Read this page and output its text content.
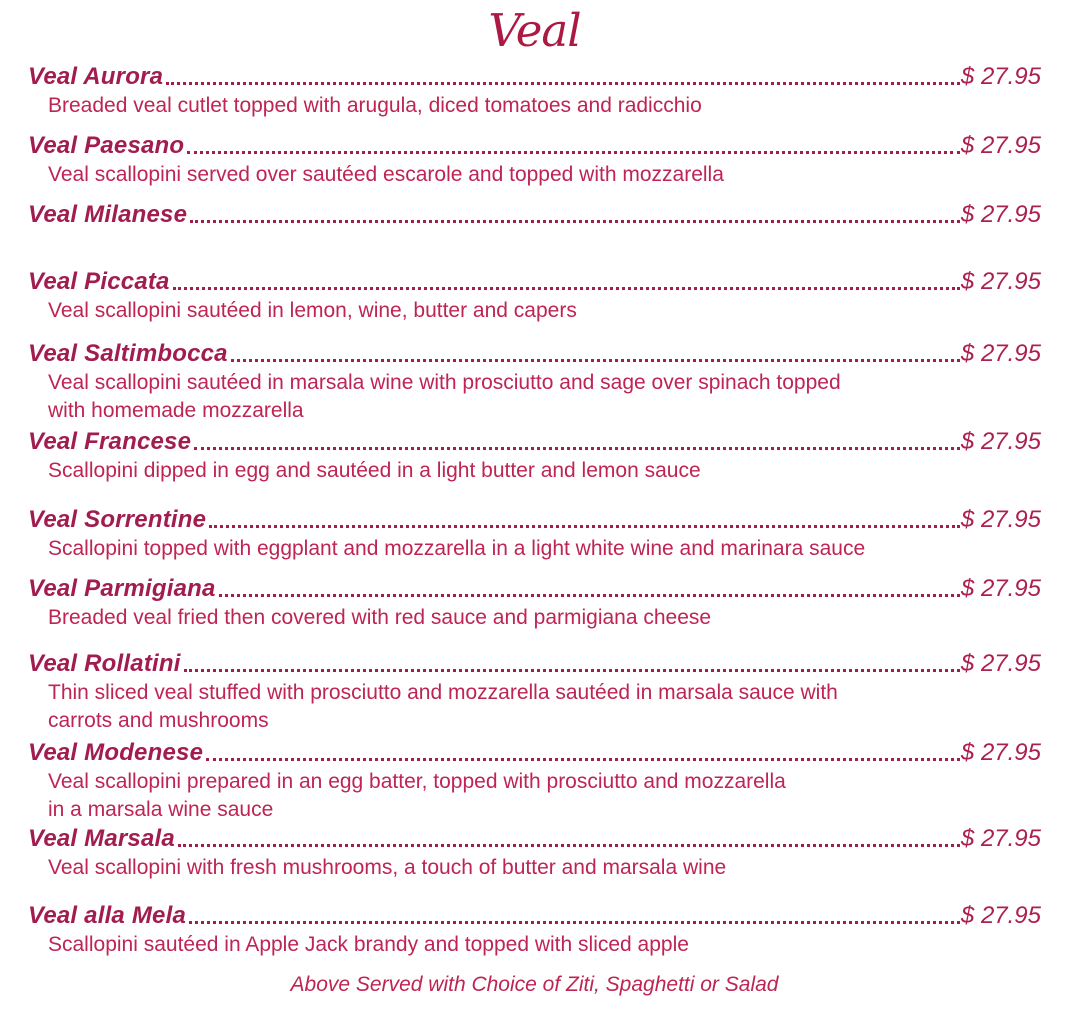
Veal
Veal Aurora	$ 27.95
Breaded veal cutlet topped with arugula, diced tomatoes and radicchio
Veal Paesano	$ 27.95
Veal scallopini served over sautéed escarole and topped with mozzarella
Veal Milanese	$ 27.95
Veal Piccata	$ 27.95
Veal scallopini sautéed in lemon, wine, butter and capers
Veal Saltimbocca	$ 27.95
Veal scallopini sautéed in marsala wine with prosciutto and sage over spinach topped
with homemade mozzarella
Veal Francese	$ 27.95
Scallopini dipped in egg and sautéed in a light butter and lemon sauce
Veal Sorrentine	$ 27.95
Scallopini topped with eggplant and mozzarella in a light white wine and marinara sauce
Veal Parmigiana	$ 27.95
Breaded veal fried then covered with red sauce and parmigiana cheese
Veal Rollatini	$ 27.95
Thin sliced veal stuffed with prosciutto and mozzarella sautéed in marsala sauce with
carrots and mushrooms
Veal Modenese	$ 27.95
Veal scallopini prepared in an egg batter, topped with prosciutto and mozzarella
in a marsala wine sauce
Veal Marsala	$ 27.95
Veal scallopini with fresh mushrooms, a touch of butter and marsala wine
Veal alla Mela	$ 27.95
Scallopini sautéed in Apple Jack brandy and topped with sliced apple
Above Served with Choice of Ziti, Spaghetti or Salad
